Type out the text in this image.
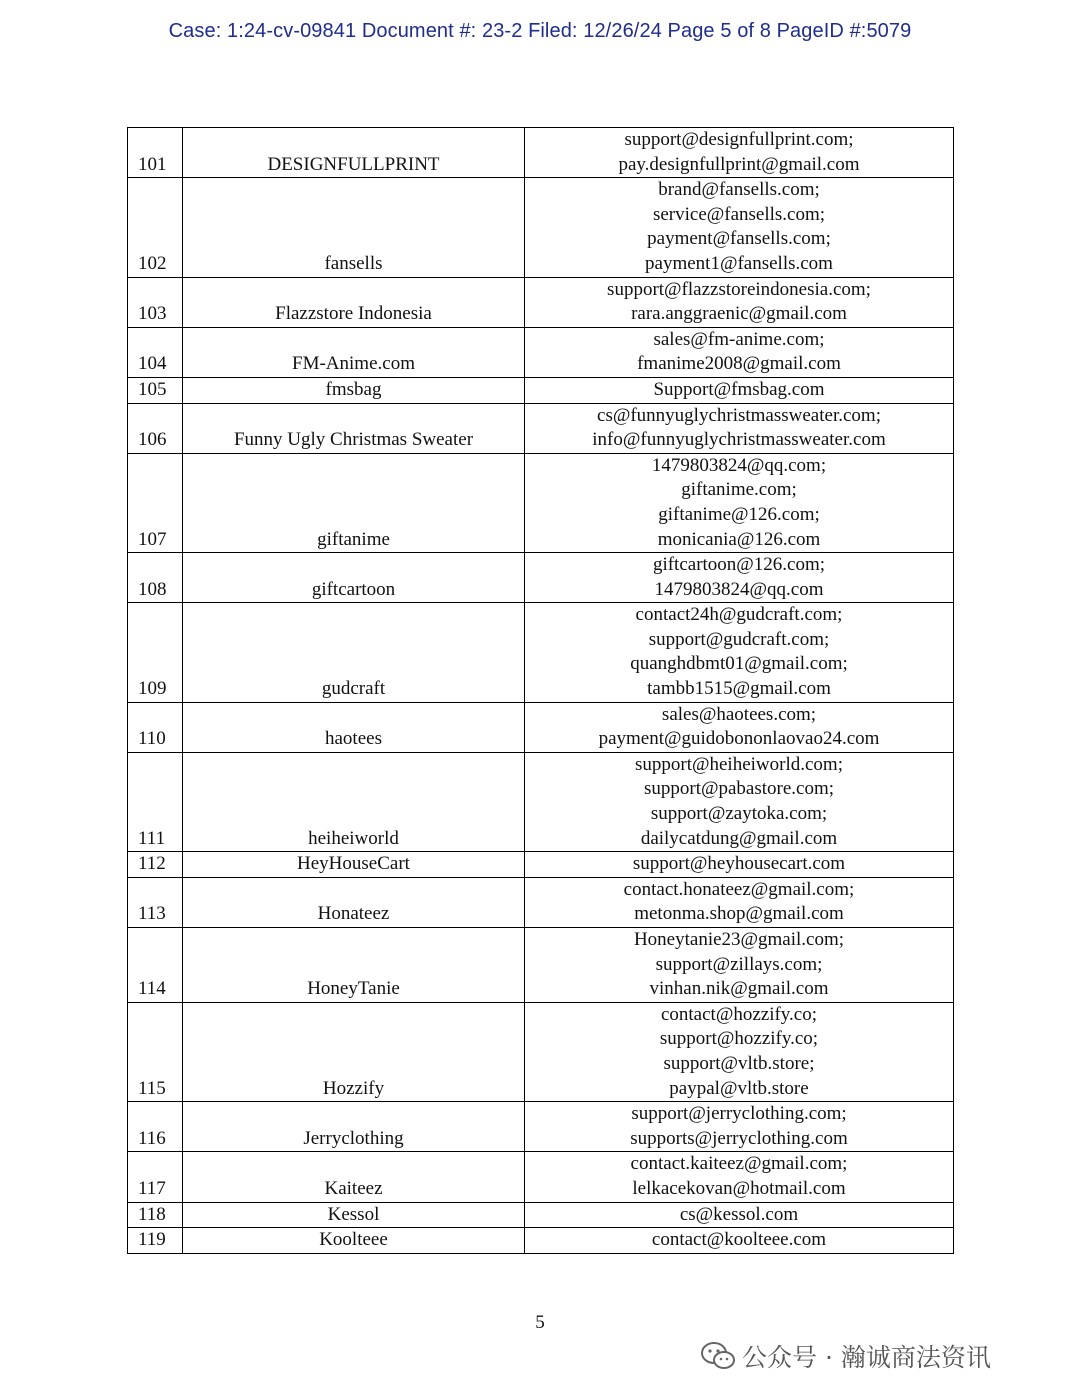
Case: 1:24-cv-09841 Document #: 23-2 Filed: 12/26/24 Page 5 of 8 PageID #:5079
101	DESIGNFULLPRINT	support@designfullprint.com;
pay.designfullprint@gmail.com

102	fansells	brand@fansells.com;
service@fansells.com;
payment@fansells.com;
payment1@fansells.com

103	Flazzstore Indonesia	support@flazzstoreindonesia.com;
rara.anggraenic@gmail.com

104	FM-Anime.com	sales@fm-anime.com;
fmanime2008@gmail.com

105	fmsbag	Support@fmsbag.com

106	Funny Ugly Christmas Sweater	cs@funnyuglychristmassweater.com;
info@funnyuglychristmassweater.com

107	giftanime	1479803824@qq.com;
giftanime.com;
giftanime@126.com;
monicania@126.com

108	giftcartoon	giftcartoon@126.com;
1479803824@qq.com

109	gudcraft	contact24h@gudcraft.com;
support@gudcraft.com;
quanghdbmt01@gmail.com;
tambb1515@gmail.com

110	haotees	sales@haotees.com;
payment@guidobononlaovao24.com

111	heiheiworld	support@heiheiworld.com;
support@pabastore.com;
support@zaytoka.com;
dailycatdung@gmail.com

112	HeyHouseCart	support@heyhousecart.com

113	Honateez	contact.honateez@gmail.com;
metonma.shop@gmail.com

114	HoneyTanie	Honeytanie23@gmail.com;
support@zillays.com;
vinhan.nik@gmail.com

115	Hozzify	contact@hozzify.co;
support@hozzify.co;
support@vltb.store;
paypal@vltb.store

116	Jerryclothing	support@jerryclothing.com;
supports@jerryclothing.com

117	Kaiteez	contact.kaiteez@gmail.com;
lelkacekovan@hotmail.com

118	Kessol	cs@kessol.com

119	Koolteee	contact@koolteee.com
5
公众号 · 瀚诚商法资讯
